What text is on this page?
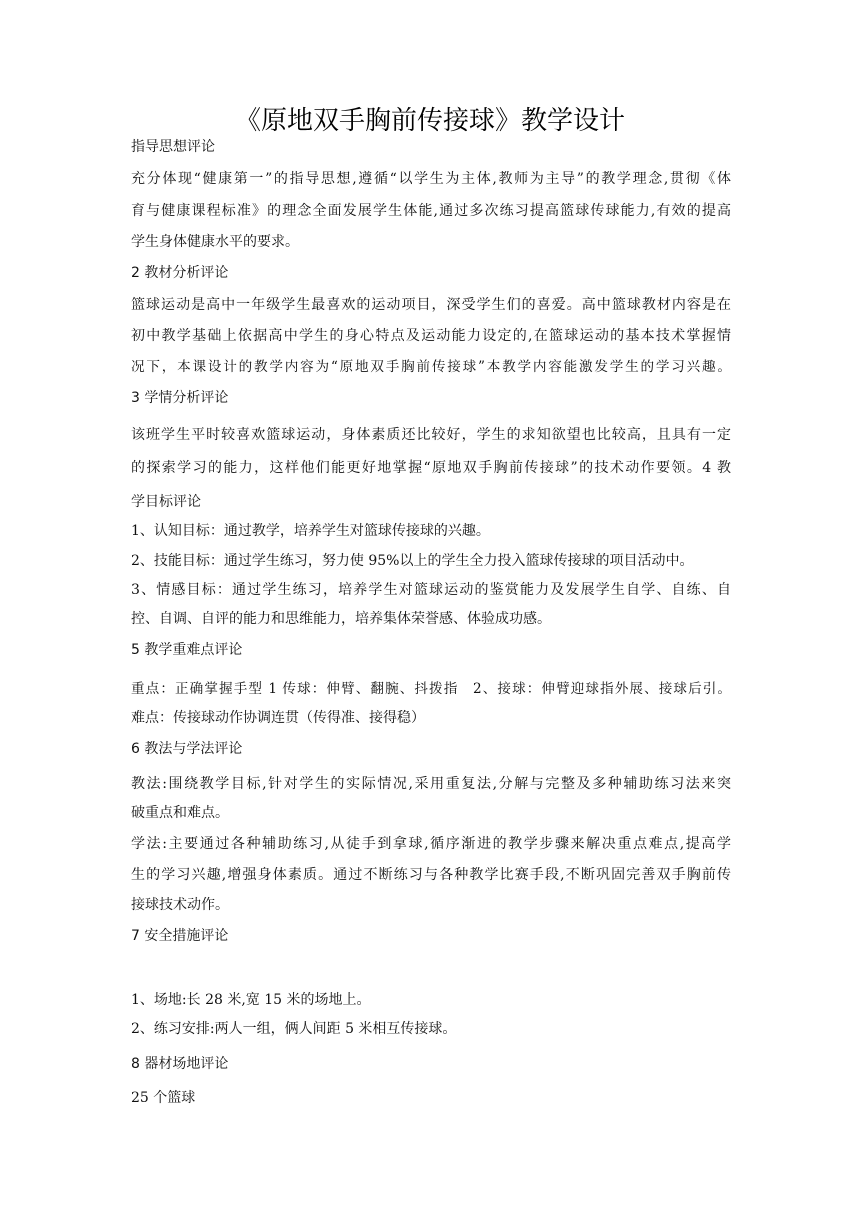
《原地双手胸前传接球》教学设计
指导思想评论
充分体现“健康第一”的指导思想,遵循“以学生为主体,教师为主导”的教学理念,贯彻《体
育与健康课程标准》的理念全面发展学生体能,通过多次练习提高篮球传球能力,有效的提高
学生身体健康水平的要求。
2 教材分析评论
篮球运动是高中一年级学生最喜欢的运动项目，深受学生们的喜爱。高中篮球教材内容是在
初中教学基础上依据高中学生的身心特点及运动能力设定的,在篮球运动的基本技术掌握情
况下，本课设计的教学内容为“原地双手胸前传接球”本教学内容能激发学生的学习兴趣。
3 学情分析评论
该班学生平时较喜欢篮球运动，身体素质还比较好，学生的求知欲望也比较高，且具有一定
的探索学习的能力，这样他们能更好地掌握“原地双手胸前传接球”的技术动作要领。4 教
学目标评论
1、认知目标：通过教学，培养学生对篮球传接球的兴趣。
2、技能目标：通过学生练习，努力使 95%以上的学生全力投入篮球传接球的项目活动中。
3、情感目标：通过学生练习，培养学生对篮球运动的鉴赏能力及发展学生自学、自练、自
控、自调、自评的能力和思维能力，培养集体荣誉感、体验成功感。
5 教学重难点评论
重点：正确掌握手型 1 传球：伸臂、翻腕、抖拨指　2、接球：伸臂迎球指外展、接球后引。
难点：传接球动作协调连贯（传得准、接得稳）
6 教法与学法评论
教法:围绕教学目标,针对学生的实际情况,采用重复法,分解与完整及多种辅助练习法来突
破重点和难点。
学法:主要通过各种辅助练习,从徒手到拿球,循序渐进的教学步骤来解决重点难点,提高学
生的学习兴趣,增强身体素质。通过不断练习与各种教学比赛手段,不断巩固完善双手胸前传
接球技术动作。
7 安全措施评论
1、场地:长 28 米,宽 15 米的场地上。
2、练习安排:两人一组，俩人间距 5 米相互传接球。
8 器材场地评论
25 个篮球
